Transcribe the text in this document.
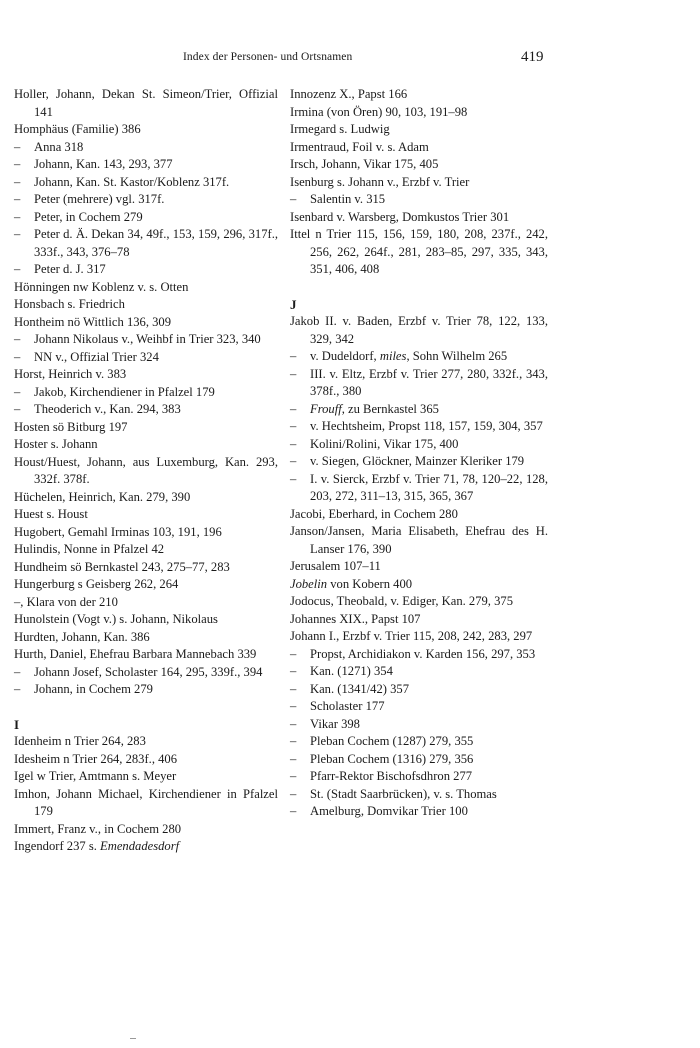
Index der Personen- und Ortsnamen	419
Holler, Johann, Dekan St. Simeon/Trier, Offizial 141
Homphäus (Familie) 386
– Anna 318
– Johann, Kan. 143, 293, 377
– Johann, Kan. St. Kastor/Koblenz 317f.
– Peter (mehrere) vgl. 317f.
– Peter, in Cochem 279
– Peter d. Ä. Dekan 34, 49f., 153, 159, 296, 317f., 333f., 343, 376–78
– Peter d. J. 317
Hönningen nw Koblenz v. s. Otten
Honsbach s. Friedrich
Hontheim nö Wittlich 136, 309
– Johann Nikolaus v., Weihbf in Trier 323, 340
– NN v., Offizial Trier 324
Horst, Heinrich v. 383
– Jakob, Kirchendiener in Pfalzel 179
– Theoderich v., Kan. 294, 383
Hosten sö Bitburg 197
Hoster s. Johann
Houst/Huest, Johann, aus Luxemburg, Kan. 293, 332f. 378f.
Hüchelen, Heinrich, Kan. 279, 390
Huest s. Houst
Hugobert, Gemahl Irminas 103, 191, 196
Hulindis, Nonne in Pfalzel 42
Hundheim sö Bernkastel 243, 275–77, 283
Hungerburg s Geisberg 262, 264
–, Klara von der 210
Hunolstein (Vogt v.) s. Johann, Nikolaus
Hurdten, Johann, Kan. 386
Hurth, Daniel, Ehefrau Barbara Mannebach 339
– Johann Josef, Scholaster 164, 295, 339f., 394
– Johann, in Cochem 279
I
Idenheim n Trier 264, 283
Idesheim n Trier 264, 283f., 406
Igel w Trier, Amtmann s. Meyer
Imhon, Johann Michael, Kirchendiener in Pfalzel 179
Immert, Franz v., in Cochem 280
Ingendorf 237 s. Emendadesdorf
Innozenz X., Papst 166
Irmina (von Ören) 90, 103, 191–98
Irmegard s. Ludwig
Irmentraud, Foil v. s. Adam
Irsch, Johann, Vikar 175, 405
Isenburg s. Johann v., Erzbf v. Trier
– Salentin v. 315
Isenbard v. Warsberg, Domkustos Trier 301
Ittel n Trier 115, 156, 159, 180, 208, 237f., 242, 256, 262, 264f., 281, 283–85, 297, 335, 343, 351, 406, 408
J
Jakob II. v. Baden, Erzbf v. Trier 78, 122, 133, 329, 342
– v. Dudeldorf, miles, Sohn Wilhelm 265
– III. v. Eltz, Erzbf v. Trier 277, 280, 332f., 343, 378f., 380
– Frouff, zu Bernkastel 365
– v. Hechtsheim, Propst 118, 157, 159, 304, 357
– Kolini/Rolini, Vikar 175, 400
– v. Siegen, Glöckner, Mainzer Kleriker 179
– I. v. Sierck, Erzbf v. Trier 71, 78, 120–22, 128, 203, 272, 311–13, 315, 365, 367
Jacobi, Eberhard, in Cochem 280
Janson/Jansen, Maria Elisabeth, Ehefrau des H. Lanser 176, 390
Jerusalem 107–11
Jobelin von Kobern 400
Jodocus, Theobald, v. Ediger, Kan. 279, 375
Johannes XIX., Papst 107
Johann I., Erzbf v. Trier 115, 208, 242, 283, 297
– Propst, Archidiakon v. Karden 156, 297, 353
– Kan. (1271) 354
– Kan. (1341/42) 357
– Scholaster 177
– Vikar 398
– Pleban Cochem (1287) 279, 355
– Pleban Cochem (1316) 279, 356
– Pfarr-Rektor Bischofsdhron 277
– St. (Stadt Saarbrücken), v. s. Thomas
– Amelburg, Domvikar Trier 100
